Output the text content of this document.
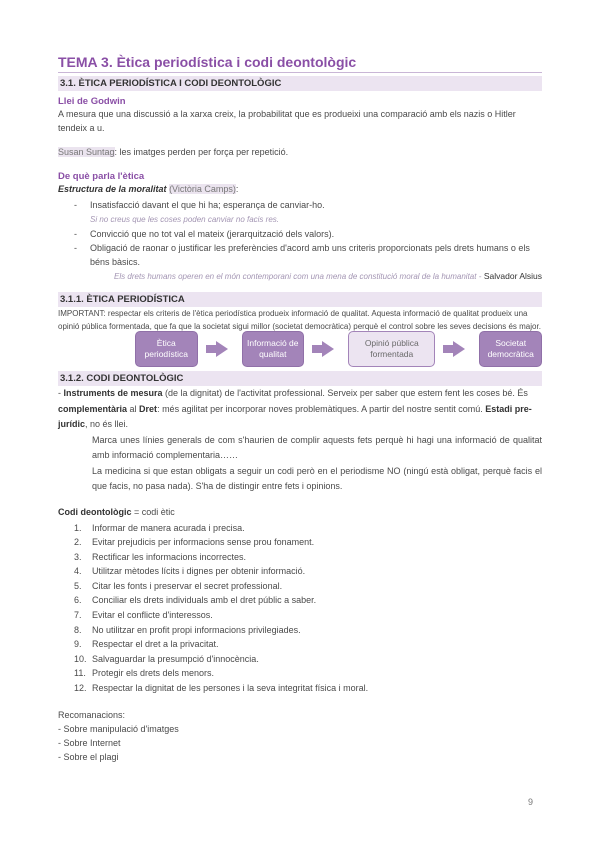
TEMA 3. Ètica periodística i codi deontològic
3.1. ÈTICA PERIODÍSTICA I CODI DEONTOLÒGIC
Llei de Godwin

A mesura que una discussió a la xarxa creix, la probabilitat que es produeixi una comparació amb els nazis o Hitler tendeix a u.

Susan Suntag: les imatges perden per força per repetició.

De què parla l'ètica

Estructura de la moralitat (Victòria Camps):

- Insatisfacció davant el que hi ha; esperança de canviar-ho.
Si no creus que les coses poden canviar no facis res.
- Convicció que no tot val el mateix (jerarquització dels valors).
- Obligació de raonar o justificar les preferències d'acord amb uns criteris proporcionats pels drets humans o els béns bàsics.

Els drets humans operen en el món contemporani com una mena de constitució moral de la humanitat - Salvador Alsius

3.1.1. ÈTICA PERIODÍSTICA

IMPORTANT: respectar els criteris de l'ètica periodística produeix informació de qualitat. Aquesta informació de qualitat produeix una opinió pública formentada, que fa que la societat sigui millor (societat democràtica) perquè el control sobre les seves decisions és major.

Ètica periodística
Informació de qualitat
Opinió pública formentada
Societat democràtica
3.1.2. CODI DEONTOLÒGIC

- Instruments de mesura (de la dignitat) de l'activitat professional. Serveix per saber que estem fent les coses bé. És complementària al Dret: més agilitat per incorporar noves problemàtiques. A partir del nostre sentit comú. Estadi pre-jurídic, no és llei.

Marca unes línies generals de com s'haurien de complir aquests fets perquè hi hagi una informació de qualitat amb informació complementaria……

La medicina si que estan obligats a seguir un codi però en el periodisme NO (ningú està obligat, perquè facis el que facis, no pasa nada). S'ha de distingir entre fets i opinions.

Codi deontològic = codi ètic

1. Informar de manera acurada i precisa.
2. Evitar prejudicis per informacions sense prou fonament.
3. Rectificar les informacions incorrectes.
4. Utilitzar mètodes lícits i dignes per obtenir informació.
5. Citar les fonts i preservar el secret professional.
6. Conciliar els drets individuals amb el dret públic a saber.
7. Evitar el conflicte d'interessos.
8. No utilitzar en profit propi informacions privilegiades.
9. Respectar el dret a la privacitat.
10. Salvaguardar la presumpció d'innocència.
11. Protegir els drets dels menors.
12. Respectar la dignitat de les persones i la seva integritat física i moral.

Recomanacions:

- Sobre manipulació d'imatges
- Sobre Internet
- Sobre el plagi
9
